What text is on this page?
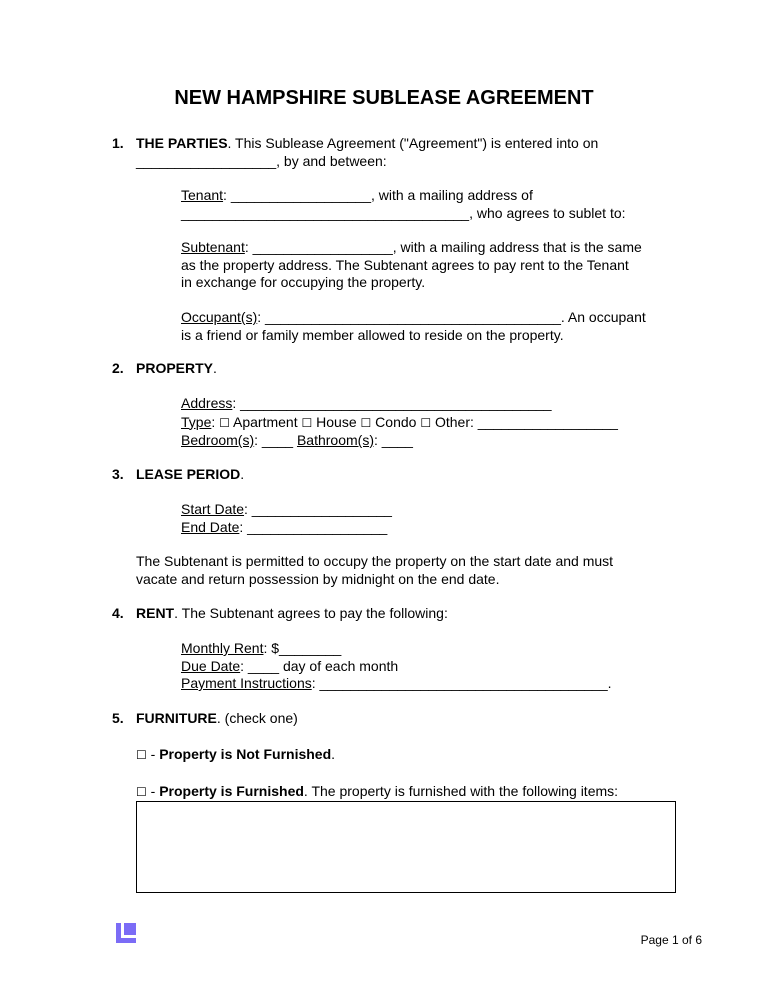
NEW HAMPSHIRE SUBLEASE AGREEMENT
1. THE PARTIES. This Sublease Agreement ("Agreement") is entered into on
__________________, by and between:
Tenant: __________________, with a mailing address of
_____________________________________, who agrees to sublet to:
Subtenant: __________________, with a mailing address that is the same
as the property address. The Subtenant agrees to pay rent to the Tenant
in exchange for occupying the property.
Occupant(s): ______________________________________. An occupant
is a friend or family member allowed to reside on the property.
2. PROPERTY.
Address: ________________________________________
Type: ☐ Apartment ☐ House ☐ Condo ☐ Other: __________________
Bedroom(s): ____ Bathroom(s): ____
3. LEASE PERIOD.
Start Date: __________________
End Date: __________________
The Subtenant is permitted to occupy the property on the start date and must
vacate and return possession by midnight on the end date.
4. RENT. The Subtenant agrees to pay the following:
Monthly Rent: $________
Due Date: ____ day of each month
Payment Instructions: _____________________________________.
5. FURNITURE. (check one)
☐ - Property is Not Furnished.
☐ - Property is Furnished. The property is furnished with the following items:
Page 1 of 6
